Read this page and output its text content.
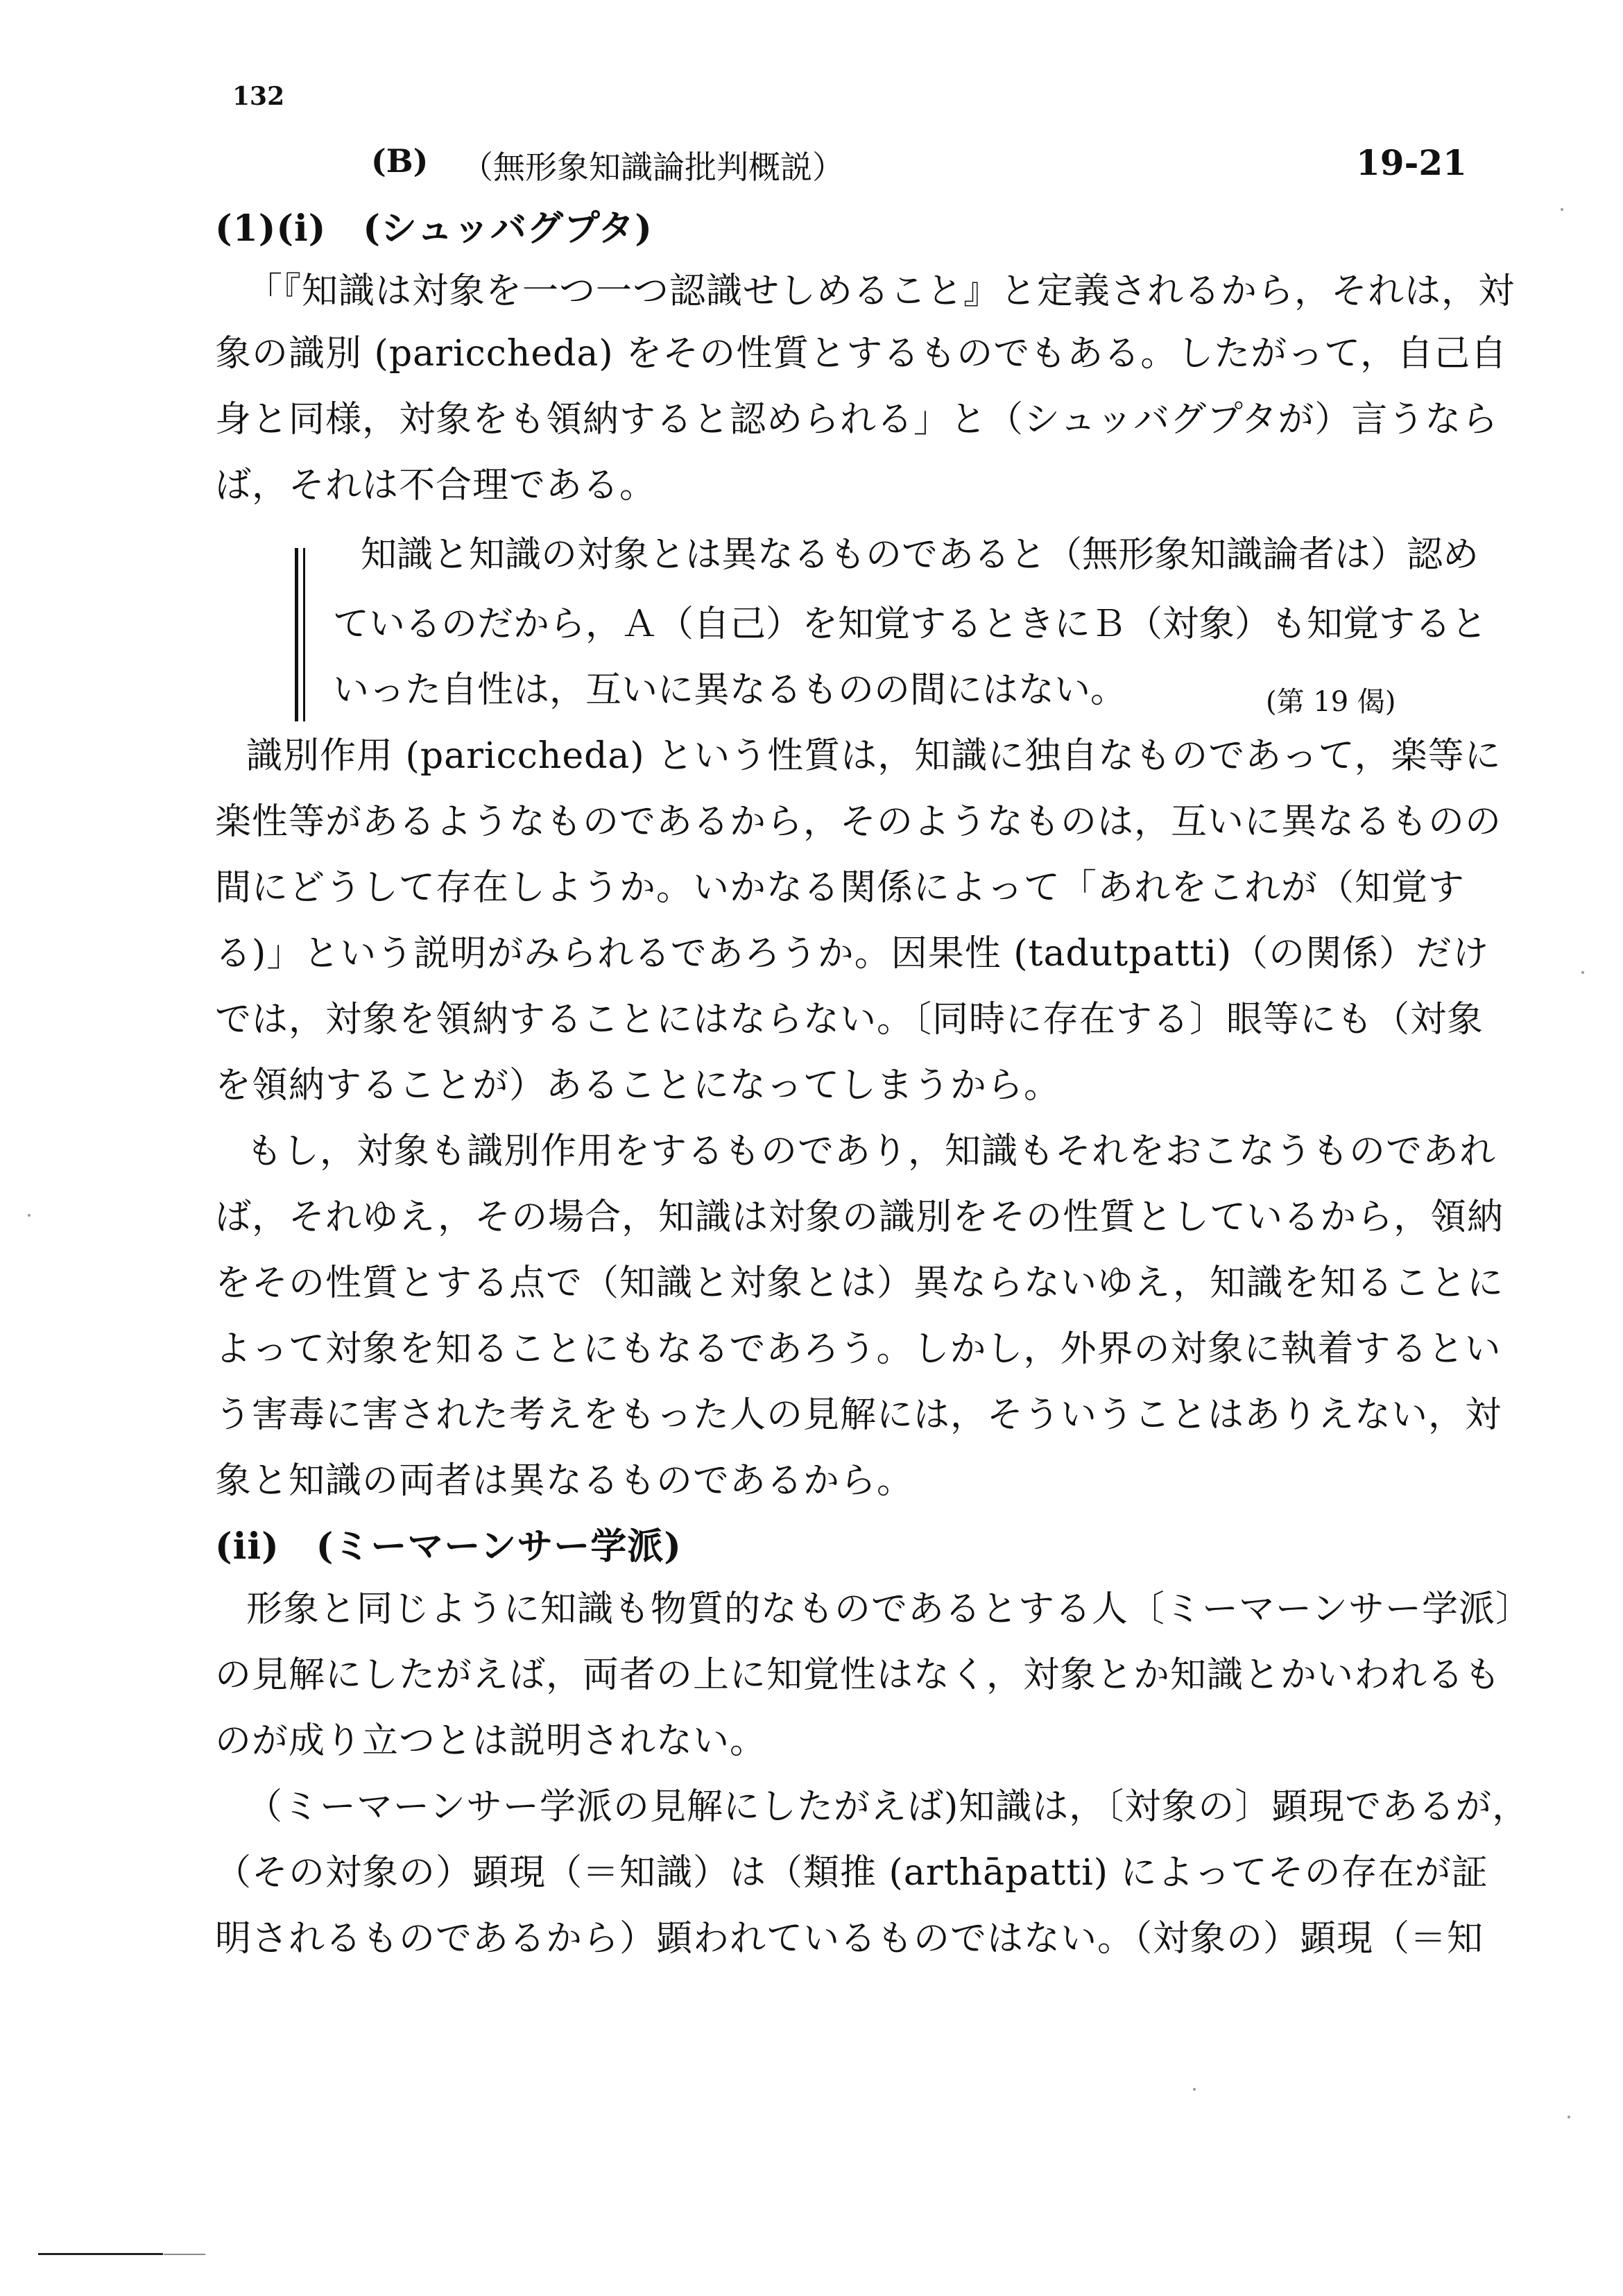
132
(B) （無形象知識論批判概説）	19-21
(1)(i)　(シュッバグプタ)
「『知識は対象を一つ一つ認識せしめること』と定義されるから，それは，対
象の識別 (pariccheda) をその性質とするものでもある。したがって，自己自
身と同様，対象をも領納すると認められる」と（シュッバグプタが）言うなら
ば，それは不合理である。
知識と知識の対象とは異なるものであると（無形象知識論者は）認め
ているのだから，Ａ（自己）を知覚するときにＢ（対象）も知覚すると
いった自性は，互いに異なるものの間にはない。	(第 19 偈)
識別作用 (pariccheda) という性質は，知識に独自なものであって，楽等に
楽性等があるようなものであるから，そのようなものは，互いに異なるものの
間にどうして存在しようか。いかなる関係によって「あれをこれが（知覚す
る)」という説明がみられるであろうか。因果性 (tadutpatti)（の関係）だけ
では，対象を領納することにはならない。〔同時に存在する〕眼等にも（対象
を領納することが）あることになってしまうから。
もし，対象も識別作用をするものであり，知識もそれをおこなうものであれ
ば，それゆえ，その場合，知識は対象の識別をその性質としているから，領納
をその性質とする点で（知識と対象とは）異ならないゆえ，知識を知ることに
よって対象を知ることにもなるであろう。しかし，外界の対象に執着するとい
う害毒に害された考えをもった人の見解には，そういうことはありえない，対
象と知識の両者は異なるものであるから。
(ii)　(ミーマーンサー学派)
形象と同じように知識も物質的なものであるとする人〔ミーマーンサー学派〕
の見解にしたがえば，両者の上に知覚性はなく，対象とか知識とかいわれるも
のが成り立つとは説明されない。
（ミーマーンサー学派の見解にしたがえば)知識は，〔対象の〕顕現であるが，
（その対象の）顕現（＝知識）は（類推 (arthāpatti) によってその存在が証
明されるものであるから）顕われているものではない。（対象の）顕現（＝知
